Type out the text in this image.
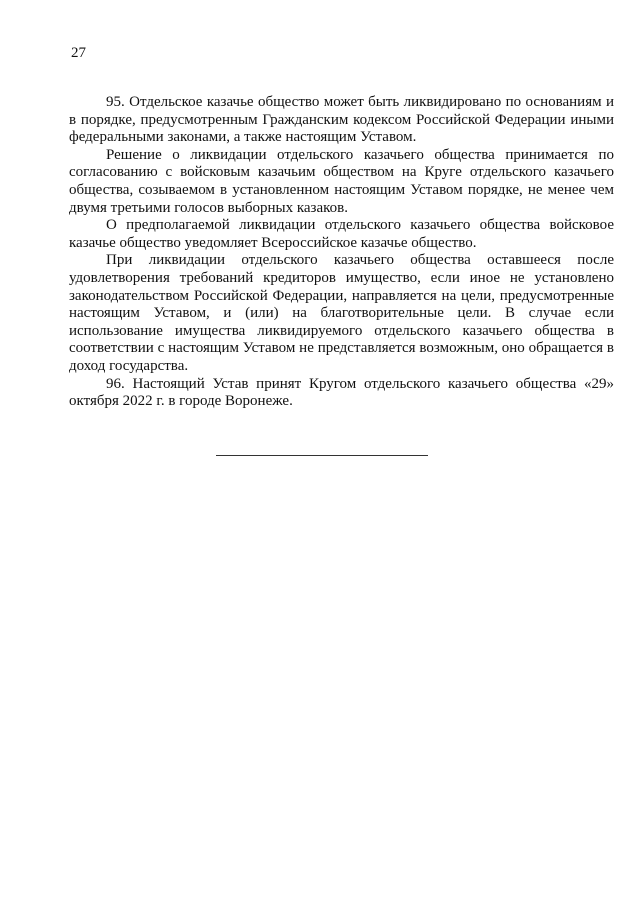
27

95. Отдельское казачье общество может быть ликвидировано по основаниям и в порядке, предусмотренным Гражданским кодексом Российской Федерации иными федеральными законами, а также настоящим Уставом.

Решение о ликвидации отдельского казачьего общества принимается по согласованию с войсковым казачьим обществом на Круге отдельского казачьего общества, созываемом в установленном настоящим Уставом порядке, не менее чем двумя третьими голосов выборных казаков.

О предполагаемой ликвидации отдельского казачьего общества войсковое казачье общество уведомляет Всероссийское казачье общество.

При ликвидации отдельского казачьего общества оставшееся после удовлетворения требований кредиторов имущество, если иное не установлено законодательством Российской Федерации, направляется на цели, предусмотренные настоящим Уставом, и (или) на благотворительные цели. В случае если использование имущества ликвидируемого отдельского казачьего общества в соответствии с настоящим Уставом не представляется возможным, оно обращается в доход государства.

96. Настоящий Устав принят Кругом отдельского казачьего общества «29» октября 2022 г. в городе Воронеже.
